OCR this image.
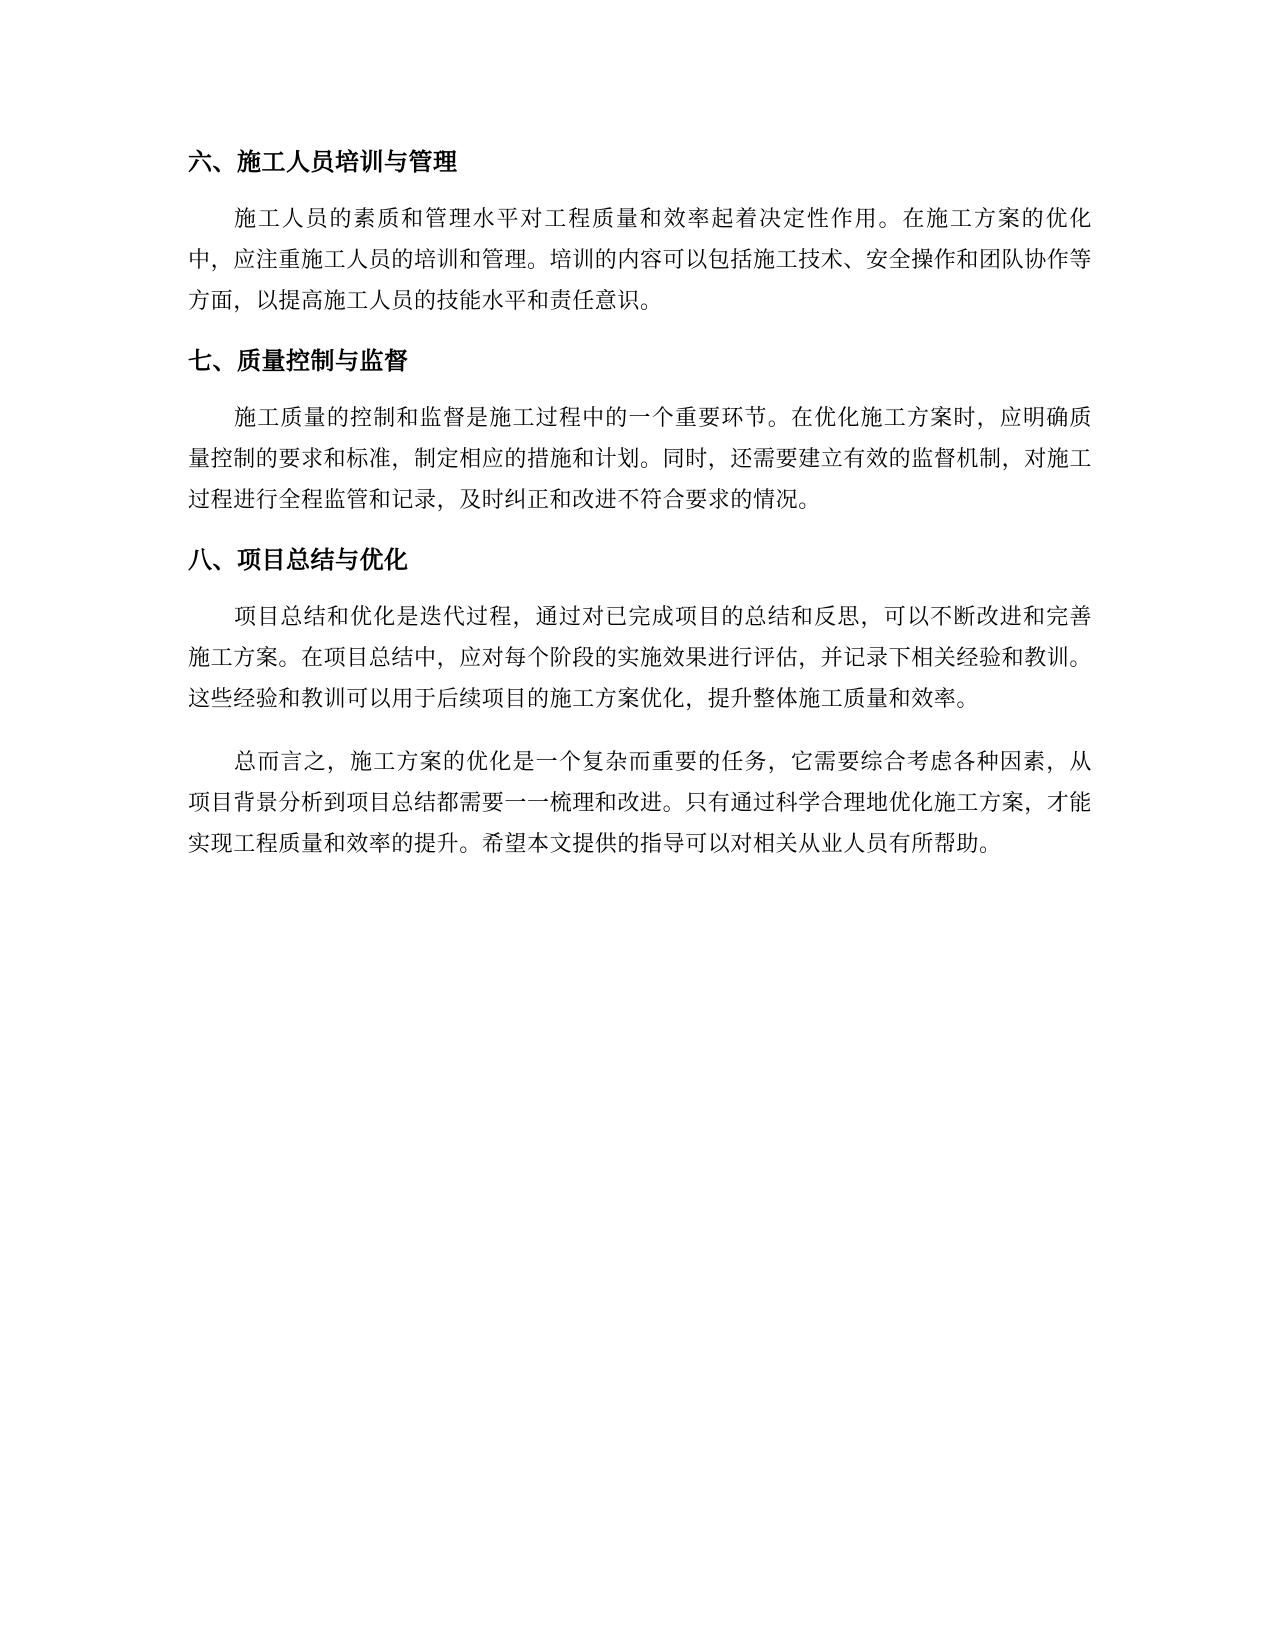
六、施工人员培训与管理

施工人员的素质和管理水平对工程质量和效率起着决定性作用。在施工方案的优化中，应注重施工人员的培训和管理。培训的内容可以包括施工技术、安全操作和团队协作等方面，以提高施工人员的技能水平和责任意识。

七、质量控制与监督

施工质量的控制和监督是施工过程中的一个重要环节。在优化施工方案时，应明确质量控制的要求和标准，制定相应的措施和计划。同时，还需要建立有效的监督机制，对施工过程进行全程监管和记录，及时纠正和改进不符合要求的情况。

八、项目总结与优化

项目总结和优化是迭代过程，通过对已完成项目的总结和反思，可以不断改进和完善施工方案。在项目总结中，应对每个阶段的实施效果进行评估，并记录下相关经验和教训。这些经验和教训可以用于后续项目的施工方案优化，提升整体施工质量和效率。

总而言之，施工方案的优化是一个复杂而重要的任务，它需要综合考虑各种因素，从项目背景分析到项目总结都需要一一梳理和改进。只有通过科学合理地优化施工方案，才能实现工程质量和效率的提升。希望本文提供的指导可以对相关从业人员有所帮助。
